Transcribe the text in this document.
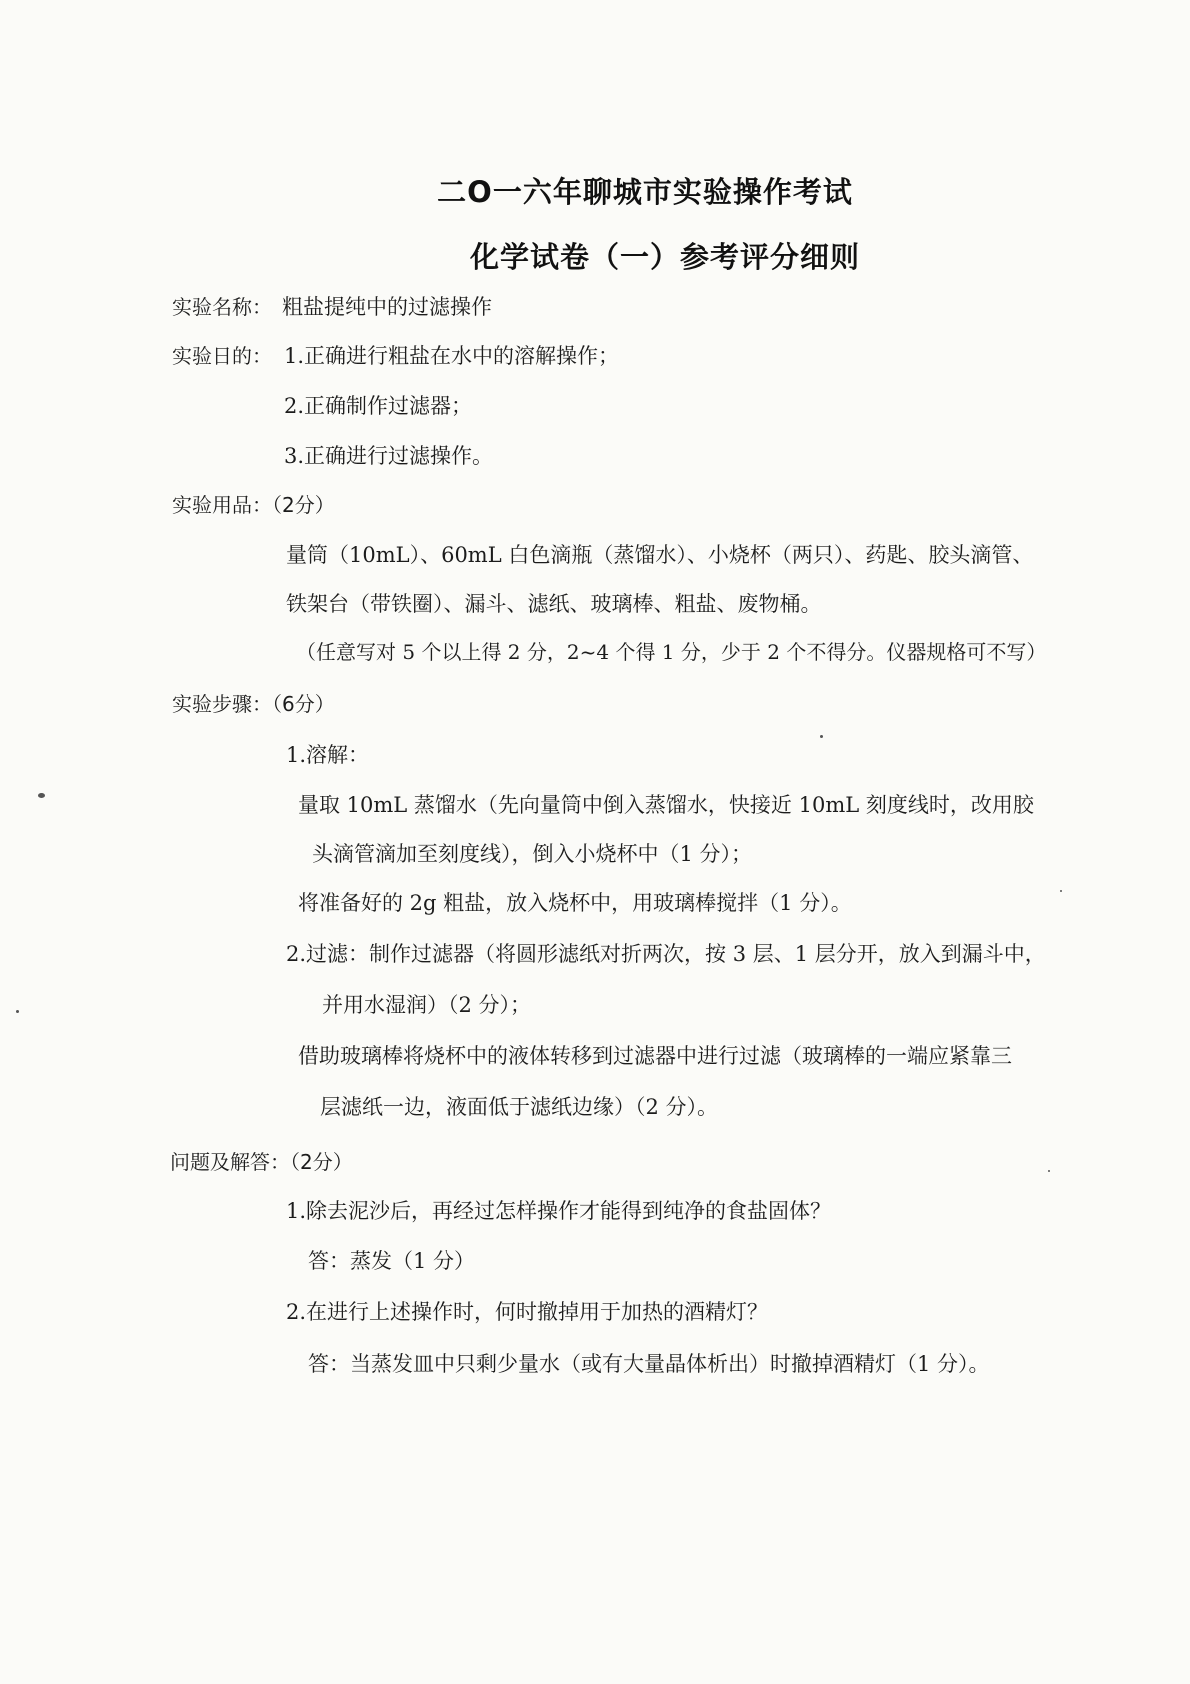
二O一六年聊城市实验操作考试
化学试卷（一）参考评分细则
实验名称： 粗盐提纯中的过滤操作
实验日的： 1.正确进行粗盐在水中的溶解操作；
2.正确制作过滤器；
3.正确进行过滤操作。
实验用品：（2分）
量筒（10mL）、60mL 白色滴瓶（蒸馏水）、小烧杯（两只）、药匙、胶头滴管、
铁架台（带铁圈）、漏斗、滤纸、玻璃棒、粗盐、废物桶。
（任意写对 5 个以上得 2 分，2~4 个得 1 分，少于 2 个不得分。仪器规格可不写）
实验步骤：（6分）
1.溶解：
量取 10mL 蒸馏水（先向量筒中倒入蒸馏水，快接近 10mL 刻度线时，改用胶
头滴管滴加至刻度线），倒入小烧杯中（1 分）；
将准备好的 2g 粗盐，放入烧杯中，用玻璃棒搅拌（1 分）。
2.过滤：制作过滤器（将圆形滤纸对折两次，按 3 层、1 层分开，放入到漏斗中，
并用水湿润）（2 分）；
借助玻璃棒将烧杯中的液体转移到过滤器中进行过滤（玻璃棒的一端应紧靠三
层滤纸一边，液面低于滤纸边缘）（2 分）。
问题及解答：（2分）
1.除去泥沙后，再经过怎样操作才能得到纯净的食盐固体？
答：蒸发（1 分）
2.在进行上述操作时，何时撤掉用于加热的酒精灯？
答：当蒸发皿中只剩少量水（或有大量晶体析出）时撤掉酒精灯（1 分）。
